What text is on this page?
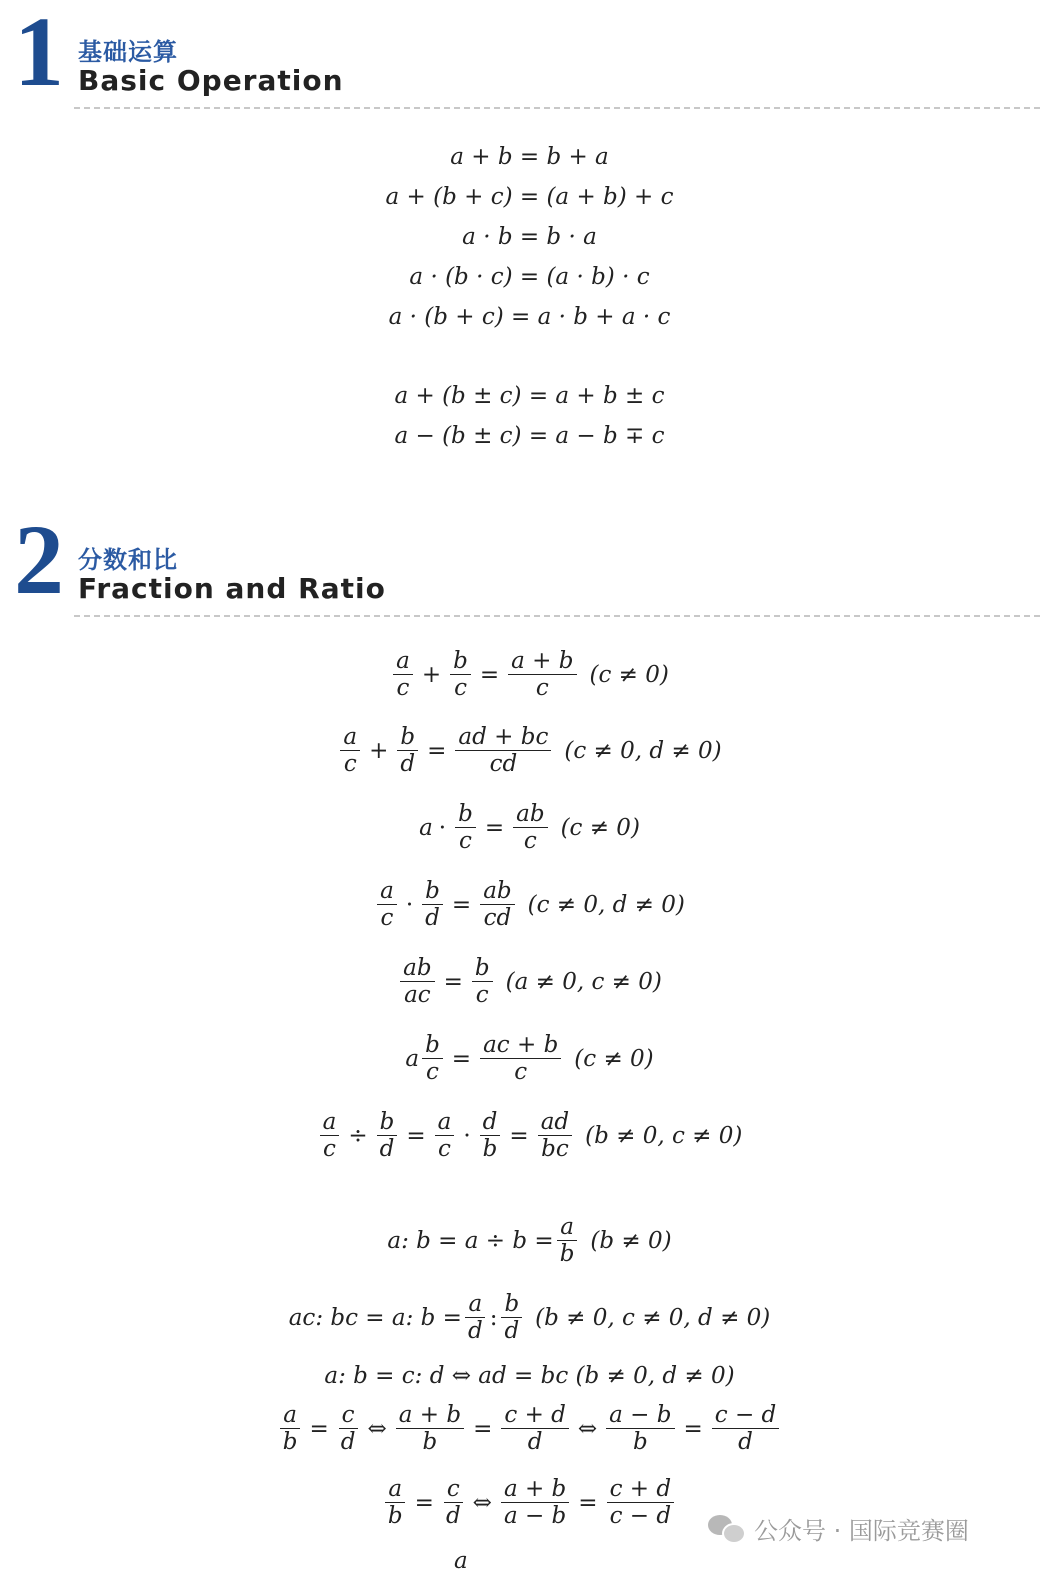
1 基础运算
Basic Operation
a + b = b + a
a + (b + c) = (a + b) + c
a · b = b · a
a · (b · c) = (a · b) · c
a · (b + c) = a · b + a · c
a + (b ± c) = a + b ± c
a − (b ± c) = a − b ∓ c
2 分数和比
Fraction and Ratio
a
c
+ $\frac{b}{c} = \frac{a + b}{c} (c \ne 0)$
a
c
+ $\frac{b}{d} = \frac{ad + bc}{cd} (c \ne 0$, d ≠ 0)
$a \cdot \frac{b}{c} = \frac{ab}{c} (c \ne 0)$
a
c
· $\frac{b}{d} = \frac{ab}{cd} (c \ne 0$, d ≠ 0)
$\frac{ab}{ac} = \frac{b}{c} (a \ne 0$, c ≠ 0)
a $\frac{b}{c} = \frac{ac + b}{c} (c \ne 0)$
$\frac{a}{c} \div \frac{b}{d} = \frac{a}{c} \cdot \frac{d}{b} = \frac{ad}{bc} (b \ne 0$, c ≠ 0)
a: $b = a \div b = \frac{a}{b} (b \ne 0)$
ac: bc = a: $b = \frac{a}{d}$ :
b
d
(b ≠ 0, c ≠ 0, d ≠ 0)
a: b = c: d ⇔ ad = bc (b ≠ 0, d ≠ 0)
$\frac{a}{b} = \frac{c}{d}$ ⇔ $\frac{a + b}{b} = \frac{c + d}{d}$ ⇔ $\frac{a - b}{b} = \frac{c - d}{d}$
$\frac{a}{b} = \frac{c}{d}$ ⇔ $\frac{a + b}{a - b} = \frac{c + d}{c - d}$
a
公众号 · 国际竞赛圈
